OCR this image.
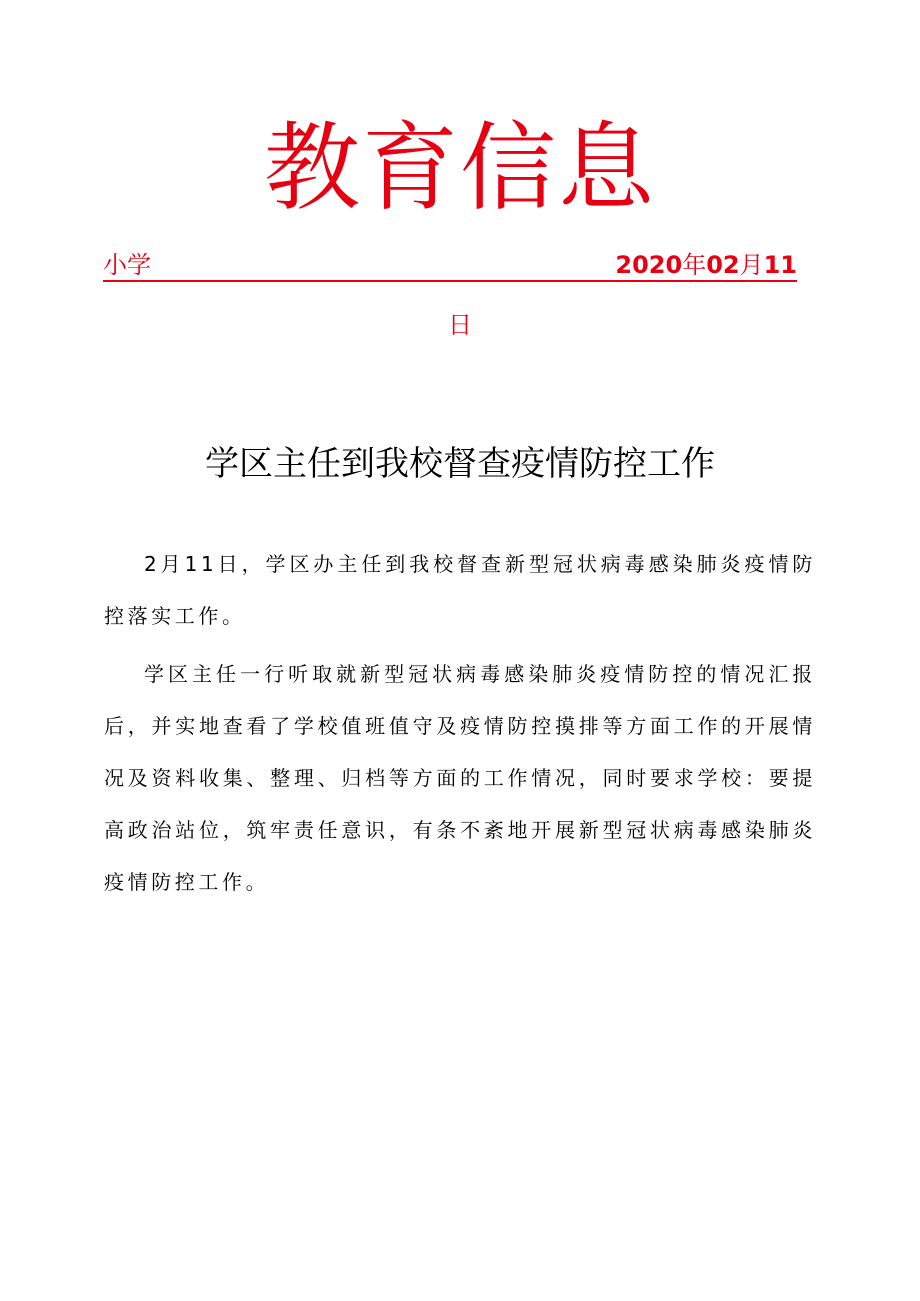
教育信息
小学	2020年02月11
日
学区主任到我校督查疫情防控工作

2月11日，学区办主任到我校督查新型冠状病毒感染肺炎疫情防控落实工作。

学区主任一行听取就新型冠状病毒感染肺炎疫情防控的情况汇报后，并实地查看了学校值班值守及疫情防控摸排等方面工作的开展情况及资料收集、整理、归档等方面的工作情况，同时要求学校：要提高政治站位，筑牢责任意识，有条不紊地开展新型冠状病毒感染肺炎疫情防控工作。
